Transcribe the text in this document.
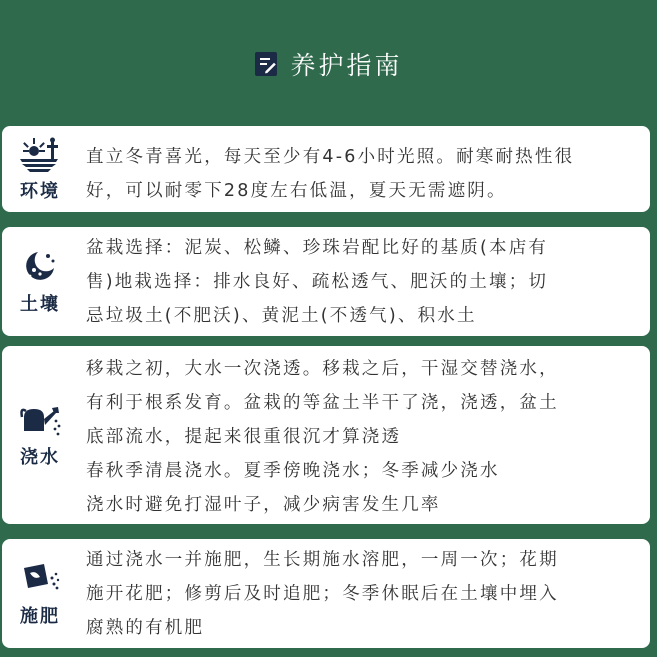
养护指南
环境
直立冬青喜光，每天至少有4-6小时光照。耐寒耐热性很
好，可以耐零下28度左右低温，夏天无需遮阴。
土壤
盆栽选择：泥炭、松鳞、珍珠岩配比好的基质(本店有
售)地栽选择：排水良好、疏松透气、肥沃的土壤；切
忌垃圾土(不肥沃)、黄泥土(不透气)、积水土
浇水
移栽之初，大水一次浇透。移栽之后，干湿交替浇水，
有利于根系发育。盆栽的等盆土半干了浇，浇透，盆土
底部流水，提起来很重很沉才算浇透
春秋季清晨浇水。夏季傍晚浇水；冬季减少浇水
浇水时避免打湿叶子，减少病害发生几率
施肥
通过浇水一并施肥，生长期施水溶肥，一周一次；花期
施开花肥；修剪后及时追肥；冬季休眠后在土壤中埋入
腐熟的有机肥
